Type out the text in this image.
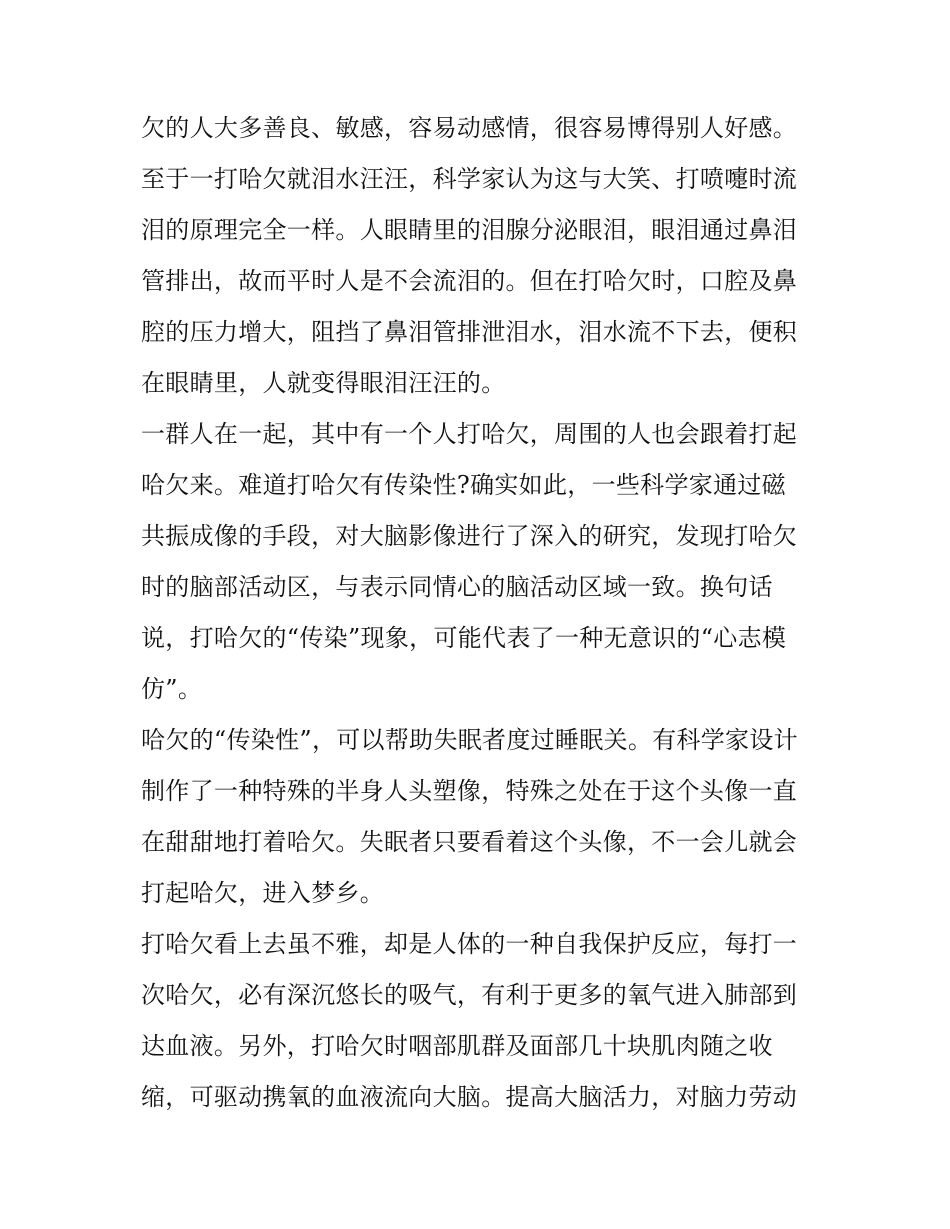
欠的人大多善良、敏感，容易动感情，很容易博得别人好感。
至于一打哈欠就泪水汪汪，科学家认为这与大笑、打喷嚏时流
泪的原理完全一样。人眼睛里的泪腺分泌眼泪，眼泪通过鼻泪
管排出，故而平时人是不会流泪的。但在打哈欠时，口腔及鼻
腔的压力增大，阻挡了鼻泪管排泄泪水，泪水流不下去，便积
在眼睛里，人就变得眼泪汪汪的。
一群人在一起，其中有一个人打哈欠，周围的人也会跟着打起
哈欠来。难道打哈欠有传染性?确实如此，一些科学家通过磁
共振成像的手段，对大脑影像进行了深入的研究，发现打哈欠
时的脑部活动区，与表示同情心的脑活动区域一致。换句话
说，打哈欠的“传染”现象，可能代表了一种无意识的“心志模
仿”。
哈欠的“传染性”，可以帮助失眠者度过睡眠关。有科学家设计
制作了一种特殊的半身人头塑像，特殊之处在于这个头像一直
在甜甜地打着哈欠。失眠者只要看着这个头像，不一会儿就会
打起哈欠，进入梦乡。
打哈欠看上去虽不雅，却是人体的一种自我保护反应，每打一
次哈欠，必有深沉悠长的吸气，有利于更多的氧气进入肺部到
达血液。另外，打哈欠时咽部肌群及面部几十块肌肉随之收
缩，可驱动携氧的血液流向大脑。提高大脑活力，对脑力劳动
